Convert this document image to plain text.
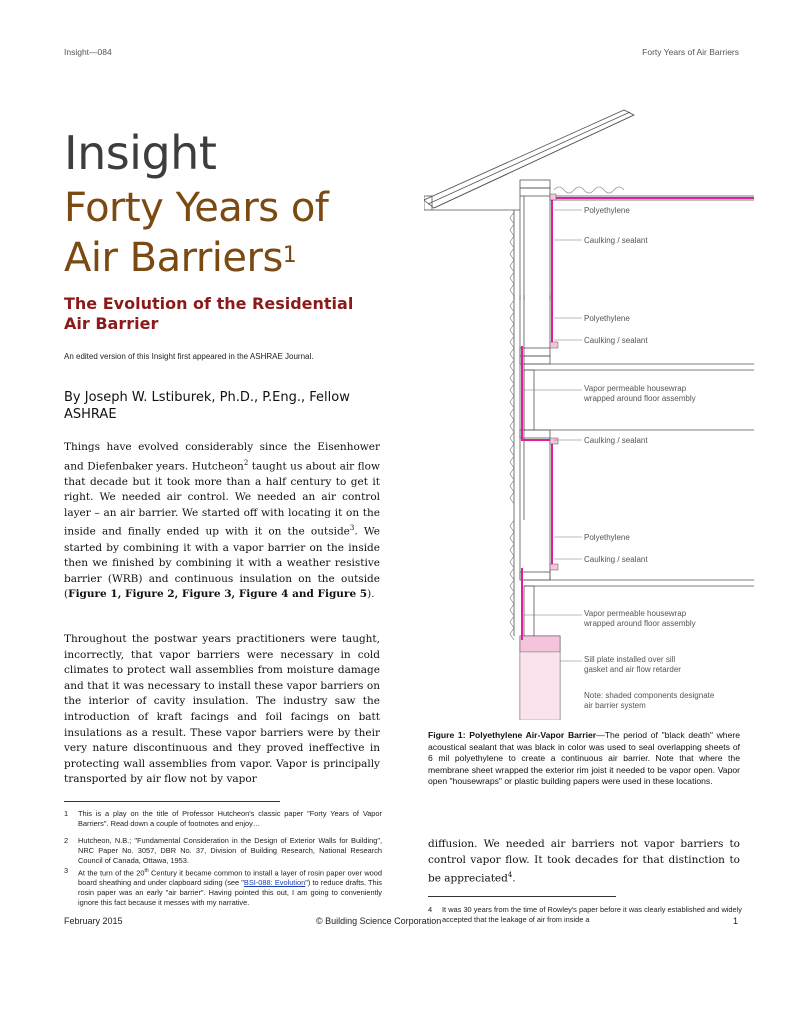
Insight—084	Forty Years of Air Barriers
Insight
Forty Years of
Air Barriers$^1$
The Evolution of the Residential
Air Barrier
An edited version of this Insight first appeared in the ASHRAE Journal.
By Joseph W. Lstiburek, Ph.D., P.Eng., Fellow ASHRAE
Things have evolved considerably since the Eisenhower and Diefenbaker years. Hutcheon$^2$ taught us about air flow that decade but it took more than a half century to get it right. We needed air control. We needed an air control layer – an air barrier. We started off with locating it on the inside and finally ended up with it on the outside$^3$. We started by combining it with a vapor barrier on the inside then we finished by combining it with a weather resistive barrier (WRB) and continuous insulation on the outside (Figure 1, Figure 2, Figure 3, Figure 4 and Figure 5).
Throughout the postwar years practitioners were taught, incorrectly, that vapor barriers were necessary in cold climates to protect wall assemblies from moisture damage and that it was necessary to install these vapor barriers on the interior of cavity insulation. The industry saw the introduction of kraft facings and foil facings on batt insulations as a result. These vapor barriers were by their very nature discontinuous and they proved ineffective in protecting wall assemblies from vapor. Vapor is principally transported by air flow not by vapor
diffusion. We needed air barriers not vapor barriers to control vapor flow. It took decades for that distinction to be appreciated$^4$.
1 This is a play on the title of Professor Hutcheon's classic paper "Forty Years of Vapor Barriers". Read down a couple of footnotes and enjoy…
2 Hutcheon, N.B.; "Fundamental Consideration in the Design of Exterior Walls for Building", NRC Paper No. 3057, DBR No. 37, Division of Building Research, National Research Council of Canada, Ottawa, 1953.
3 At the turn of the 20th Century it became common to install a layer of rosin paper over wood board sheathing and under clapboard siding (see "BSI-088: Evolution") to reduce drafts. This rosin paper was an early "air barrier". Having pointed this out, I am going to conveniently ignore this fact because it messes with my narrative.
4 It was 30 years from the time of Rowley's paper before it was clearly established and widely accepted that the leakage of air from inside a
Polyethylene
Caulking / sealant
Polyethylene
Caulking / sealant
Vapor permeable housewrap
wrapped around floor assembly
Caulking / sealant
Polyethylene
Caulking / sealant
Vapor permeable housewrap
wrapped around floor assembly
Sill plate installed over sill
gasket and air flow retarder
Note: shaded components designate
air barrier system
Figure 1: Polyethylene Air-Vapor Barrier—The period of "black death" where acoustical sealant that was black in color was used to seal overlapping sheets of 6 mil polyethylene to create a continuous air barrier. Note that where the membrane sheet wrapped the exterior rim joist it needed to be vapor open. Vapor open "housewraps" or plastic building papers were used in these locations.
February 2015	© Building Science Corporation	1
